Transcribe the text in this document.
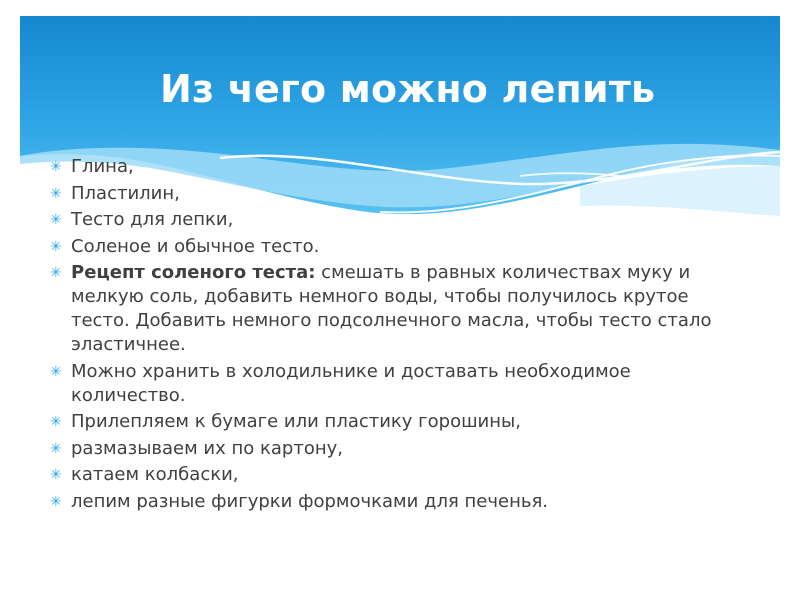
Из чего можно лепить
✳ Глина,
✳ Пластилин,
✳ Тесто для лепки,
✳ Соленое и обычное тесто.
✳ Рецепт соленого теста: смешать в равных количествах муку и мелкую соль, добавить немного воды, чтобы получилось крутое тесто. Добавить немного подсолнечного масла, чтобы тесто стало эластичнее.
✳ Можно хранить в холодильнике и доставать необходимое количество.
✳ Прилепляем к бумаге или пластику горошины,
✳ размазываем их по картону,
✳ катаем колбаски,
✳ лепим разные фигурки формочками для печенья.
